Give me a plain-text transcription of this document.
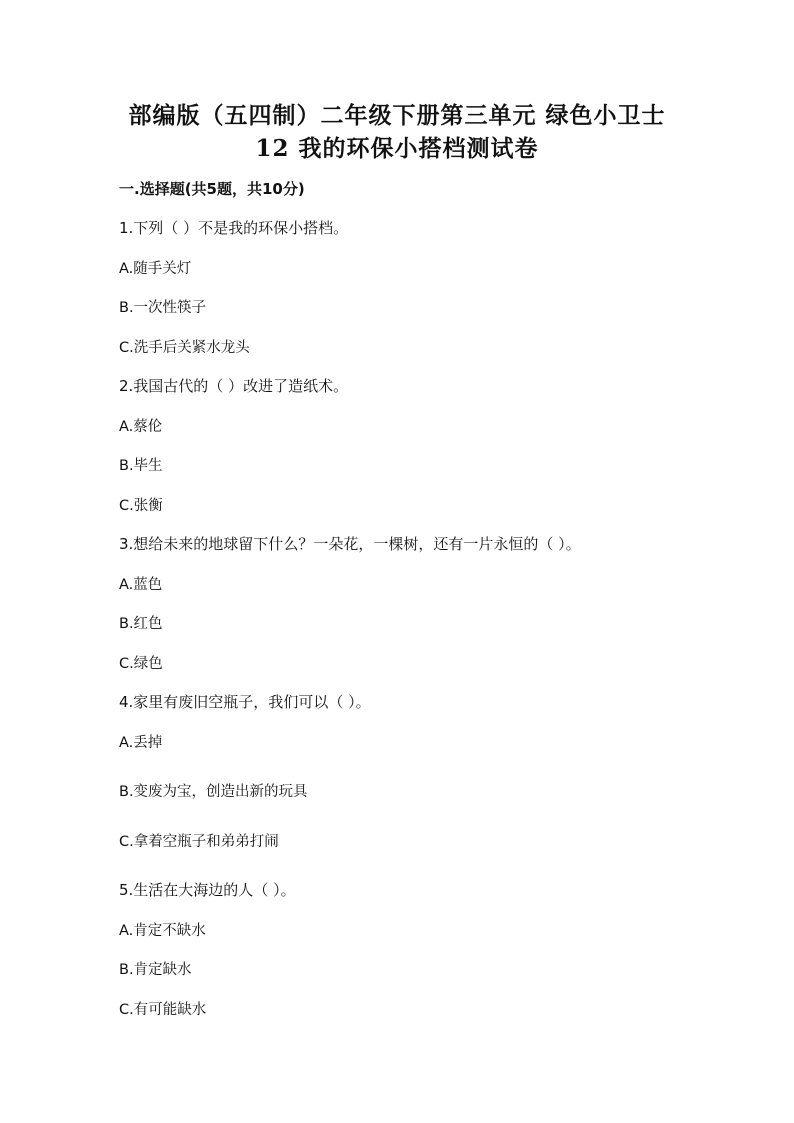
部编版（五四制）二年级下册第三单元 绿色小卫士
12 我的环保小搭档测试卷
一.选择题(共5题，共10分)
1.下列（ ）不是我的环保小搭档。
A.随手关灯
B.一次性筷子
C.洗手后关紧水龙头
2.我国古代的（ ）改进了造纸术。
A.蔡伦
B.毕生
C.张衡
3.想给未来的地球留下什么？一朵花，一棵树，还有一片永恒的（ ）。
A.蓝色
B.红色
C.绿色
4.家里有废旧空瓶子，我们可以（ ）。
A.丢掉
B.变废为宝，创造出新的玩具
C.拿着空瓶子和弟弟打闹
5.生活在大海边的人（ ）。
A.肯定不缺水
B.肯定缺水
C.有可能缺水
